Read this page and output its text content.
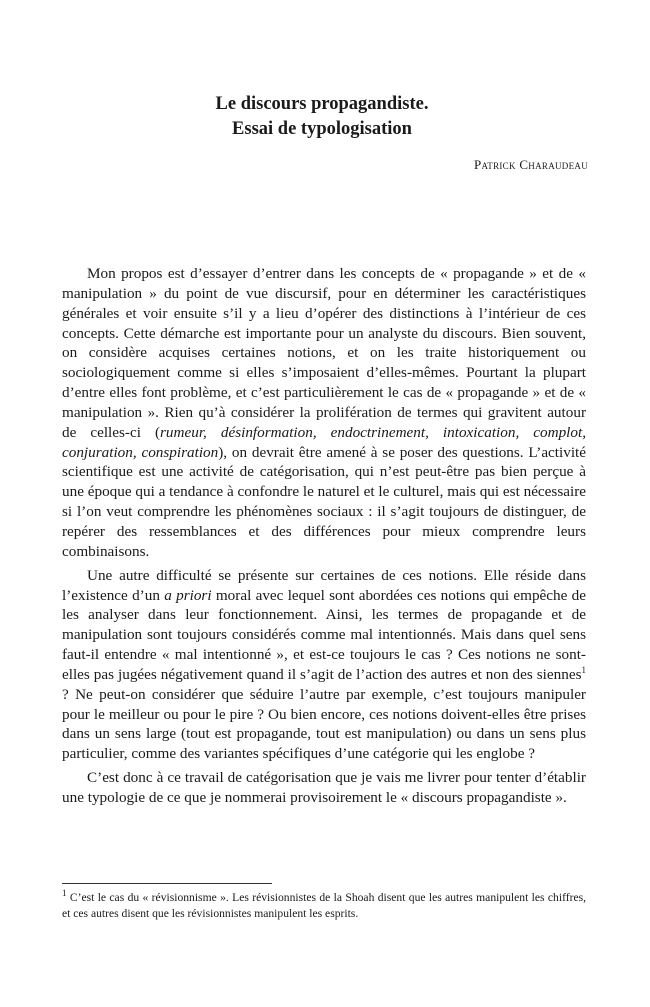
Le discours propagandiste.
Essai de typologisation
Patrick Charaudeau

Mon propos est d’essayer d’entrer dans les concepts de « propagande » et de « manipulation » du point de vue discursif, pour en déterminer les caractéristiques générales et voir ensuite s’il y a lieu d’opérer des distinctions à l’intérieur de ces concepts. Cette démarche est importante pour un analyste du discours. Bien souvent, on considère acquises certaines notions, et on les traite historiquement ou sociologiquement comme si elles s’imposaient d’elles-mêmes. Pourtant la plupart d’entre elles font problème, et c’est particulièrement le cas de « propagande » et de « manipulation ». Rien qu’à considérer la prolifération de termes qui gravitent autour de celles-ci (rumeur, désinformation, endoctrinement, intoxication, complot, conjuration, conspiration), on devrait être amené à se poser des questions. L’activité scientifique est une activité de catégorisation, qui n’est peut-être pas bien perçue à une époque qui a tendance à confondre le naturel et le culturel, mais qui est nécessaire si l’on veut comprendre les phénomènes sociaux : il s’agit toujours de distinguer, de repérer des ressemblances et des différences pour mieux comprendre leurs combinaisons.

Une autre difficulté se présente sur certaines de ces notions. Elle réside dans l’existence d’un a priori moral avec lequel sont abordées ces notions qui empêche de les analyser dans leur fonctionnement. Ainsi, les termes de propagande et de manipulation sont toujours considérés comme mal intentionnés. Mais dans quel sens faut-il entendre « mal intentionné », et est-ce toujours le cas ? Ces notions ne sont-elles pas jugées négativement quand il s’agit de l’action des autres et non des siennes$^1$ ? Ne peut-on considérer que séduire l’autre par exemple, c’est toujours manipuler pour le meilleur ou pour le pire ? Ou bien encore, ces notions doivent-elles être prises dans un sens large (tout est propagande, tout est manipulation) ou dans un sens plus particulier, comme des variantes spécifiques d’une catégorie qui les englobe ?

C’est donc à ce travail de catégorisation que je vais me livrer pour tenter d’établir une typologie de ce que je nommerai provisoirement le « discours propagandiste ».

$^1$ C’est le cas du « révisionnisme ». Les révisionnistes de la Shoah disent que les autres manipulent les chiffres, et ces autres disent que les révisionnistes manipulent les esprits.
